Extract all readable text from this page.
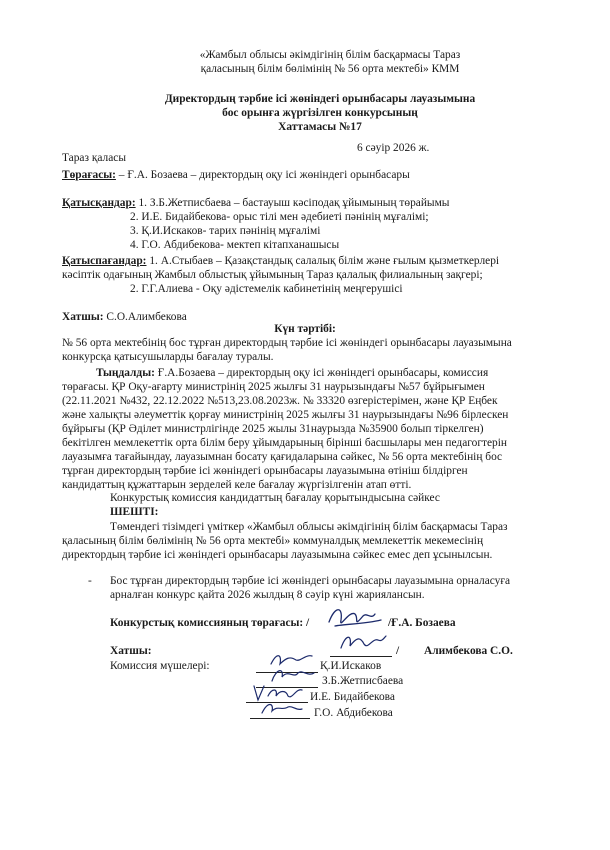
«Жамбыл облысы әкімдігінің білім басқармасы Тараз
қаласының білім бөлімінің № 56 орта мектебі» КММ
Директордың тәрбие ісі жөніндегі орынбасары лауазымына
бос орынға жүргізілген конкурсының
Хаттамасы №17
6 сәуір 2026 ж.
Тараз қаласы
Төрағасы: – Ғ.А. Бозаева – директордың оқу ісі жөніндегі орынбасары
Қатысқандар: 1. З.Б.Жетписбаева – бастауыш кәсіподақ ұйымының төрайымы
2. И.Е. Бидайбекова- орыс тілі мен әдебиеті пәнінің мұғалімі;
3. Қ.И.Искаков- тарих пәнінің мұғалімі
4. Г.О. Абдибекова- мектеп кітапханашысы
Қатыспағандар: 1. А.Стыбаев – Қазақстандық салалық білім және ғылым қызметкерлері
кәсіптік одағының Жамбыл облыстық ұйымының Тараз қалалық филиалының зақгері;
2. Г.Г.Алиева - Оқу әдістемелік кабинетінің меңгерушісі
Хатшы: С.О.Алимбекова
Күн тәртібі:
№ 56 орта мектебінің бос тұрған директордың тәрбие ісі жөніндегі орынбасары лауазымына
конкурсқа қатысушыларды бағалау туралы.
Тыңдалды: Ғ.А.Бозаева – директордың оқу ісі жөніндегі орынбасары, комиссия
төрағасы. ҚР Оқу-ағарту министрінің 2025 жылғы 31 наурызындағы №57 бұйрығымен
(22.11.2021 №432, 22.12.2022 №513,23.08.2023ж. № 33320 өзгерістерімен, және ҚР Еңбек
және халықты әлеуметтік қорғау министрінің 2025 жылғы 31 наурызындағы №96 бірлескен
бұйрығы (ҚР Әділет министрлігінде 2025 жылы 31наурызда №35900 болып тіркелген)
бекітілген мемлекеттік орта білім беру ұйымдарының бірінші басшылары мен педагогтерін
лауазымға тағайындау, лауазымнан босату қағидаларына сәйкес, № 56 орта мектебінің бос
тұрған директордың тәрбие ісі жөніндегі орынбасары лауазымына өтініш білдірген
кандидаттың құжаттарын зерделей келе бағалау жүргізілгенін атап өтті.
Конкурстық комиссия кандидаттың бағалау қорытындысына сәйкес
ШЕШТІ:
Төмендегі тізімдегі үміткер «Жамбыл облысы әкімдігінің білім басқармасы Тараз
қаласының білім бөлімінің № 56 орта мектебі» коммуналдық мемлекеттік мекемесінің
директордың тәрбие ісі жөніндегі орынбасары лауазымына сәйкес емес деп ұсынылсын.
- Бос тұрған директордың тәрбие ісі жөніндегі орынбасары лауазымына орналасуға
арналған конкурс қайта 2026 жылдың 8 сәуір күні жарияланcын.
Конкурстық комиссияның төрағасы: /	/Ғ.А. Бозаева
Хатшы:	/ Алимбекова С.О.
Комиссия мүшелері:	Қ.И.Искаков
З.Б.Жетписбаева
И.Е. Бидайбекова
Г.О. Абдибекова
